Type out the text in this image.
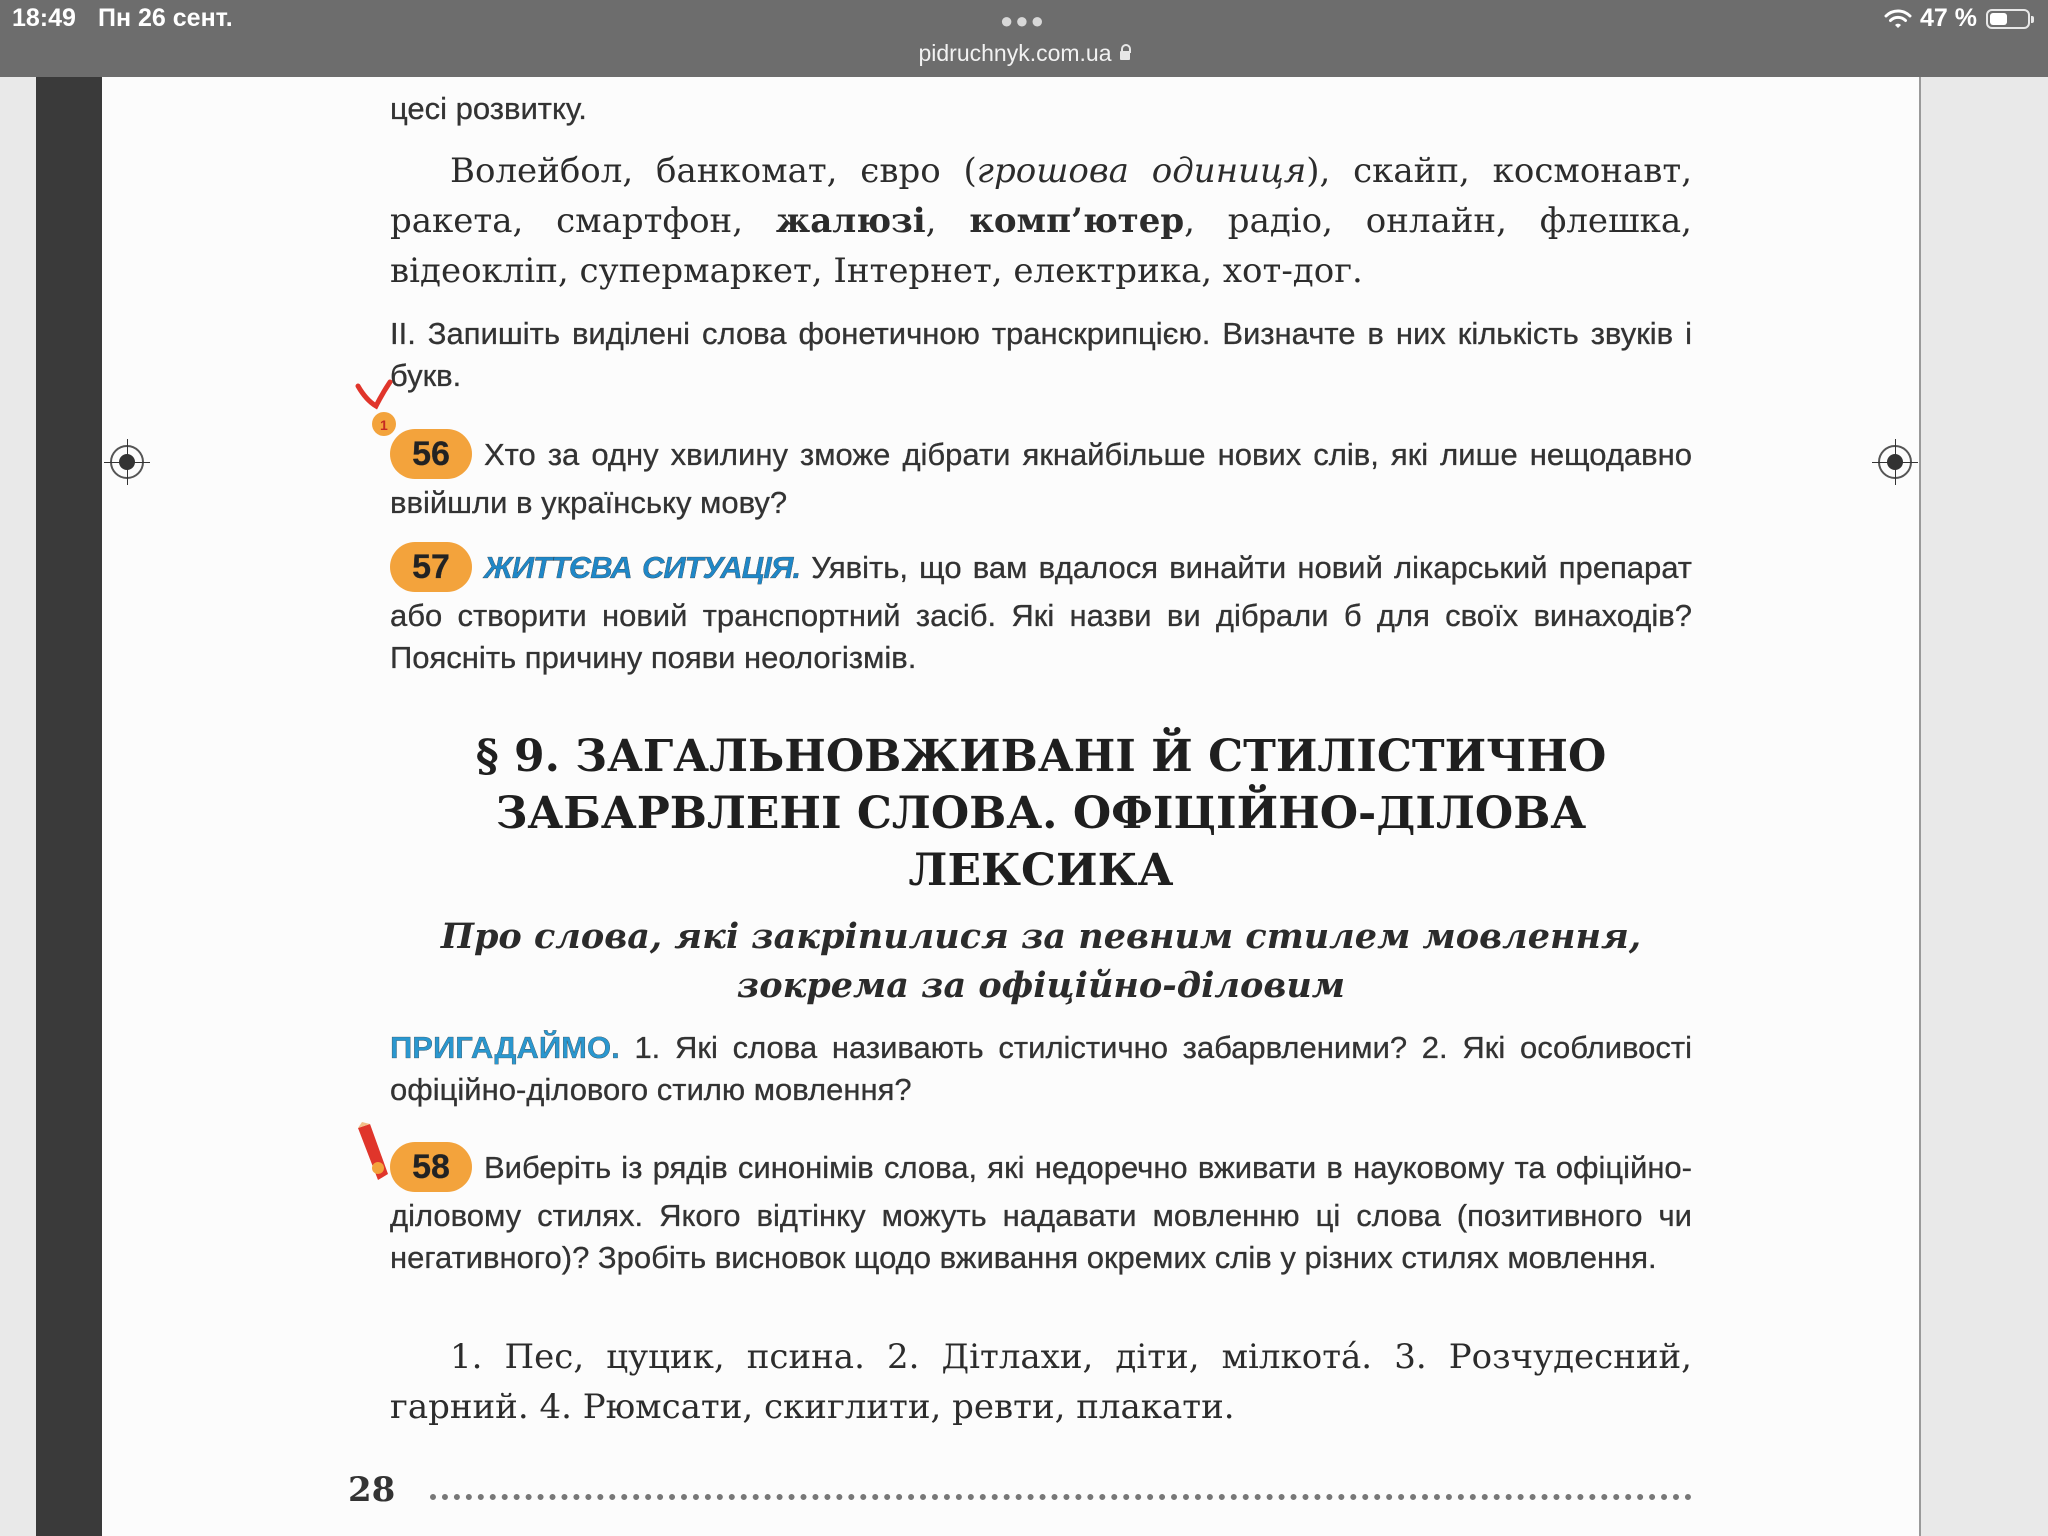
18:49 Пн 26 сент.	●●●
pidruchnyk.com.ua
47 %

цесі розвитку.

Волейбол, банкомат, євро (грошова одиниця), скайп, космонавт, ракета, смартфон, жалюзі, комп’ютер, радіо, онлайн, флешка, відеокліп, супермаркет, Інтернет, електрика, хот-дог.

II. Запишіть виділені слова фонетичною транскрипцією. Визначте в них кількість звуків і букв.

1

56 Хто за одну хвилину зможе дібрати якнайбільше нових слів, які лише нещодавно ввійшли в українську мову?

57 ЖИТТЄВА СИТУАЦІЯ. Уявіть, що вам вдалося винайти новий лікарський препарат або створити новий транспортний засіб. Які назви ви дібрали б для своїх винаходів? Поясніть причину появи неологізмів.

§ 9. ЗАГАЛЬНОВЖИВАНІ Й СТИЛІСТИЧНО ЗАБАРВЛЕНІ СЛОВА. ОФІЦІЙНО-ДІЛОВА ЛЕКСИКА
Про слова, які закріпилися за певним стилем мовлення, зокрема за офіційно-діловим

ПРИГАДАЙМО. 1. Які слова називають стилістично забарвленими? 2. Які особливості офіційно-ділового стилю мовлення?

58 Виберіть із рядів синонімів слова, які недоречно вживати в науковому та офіційно-діловому стилях. Якого відтінку можуть надавати мовленню ці слова (позитивного чи негативного)? Зробіть висновок щодо вживання окремих слів у різних стилях мовлення.

1. Пес, цуцик, псина. 2. Дітлахи, діти, мілкота́. 3. Розчудесний, гарний. 4. Рюмсати, скиглити, ревти, плакати.

28
